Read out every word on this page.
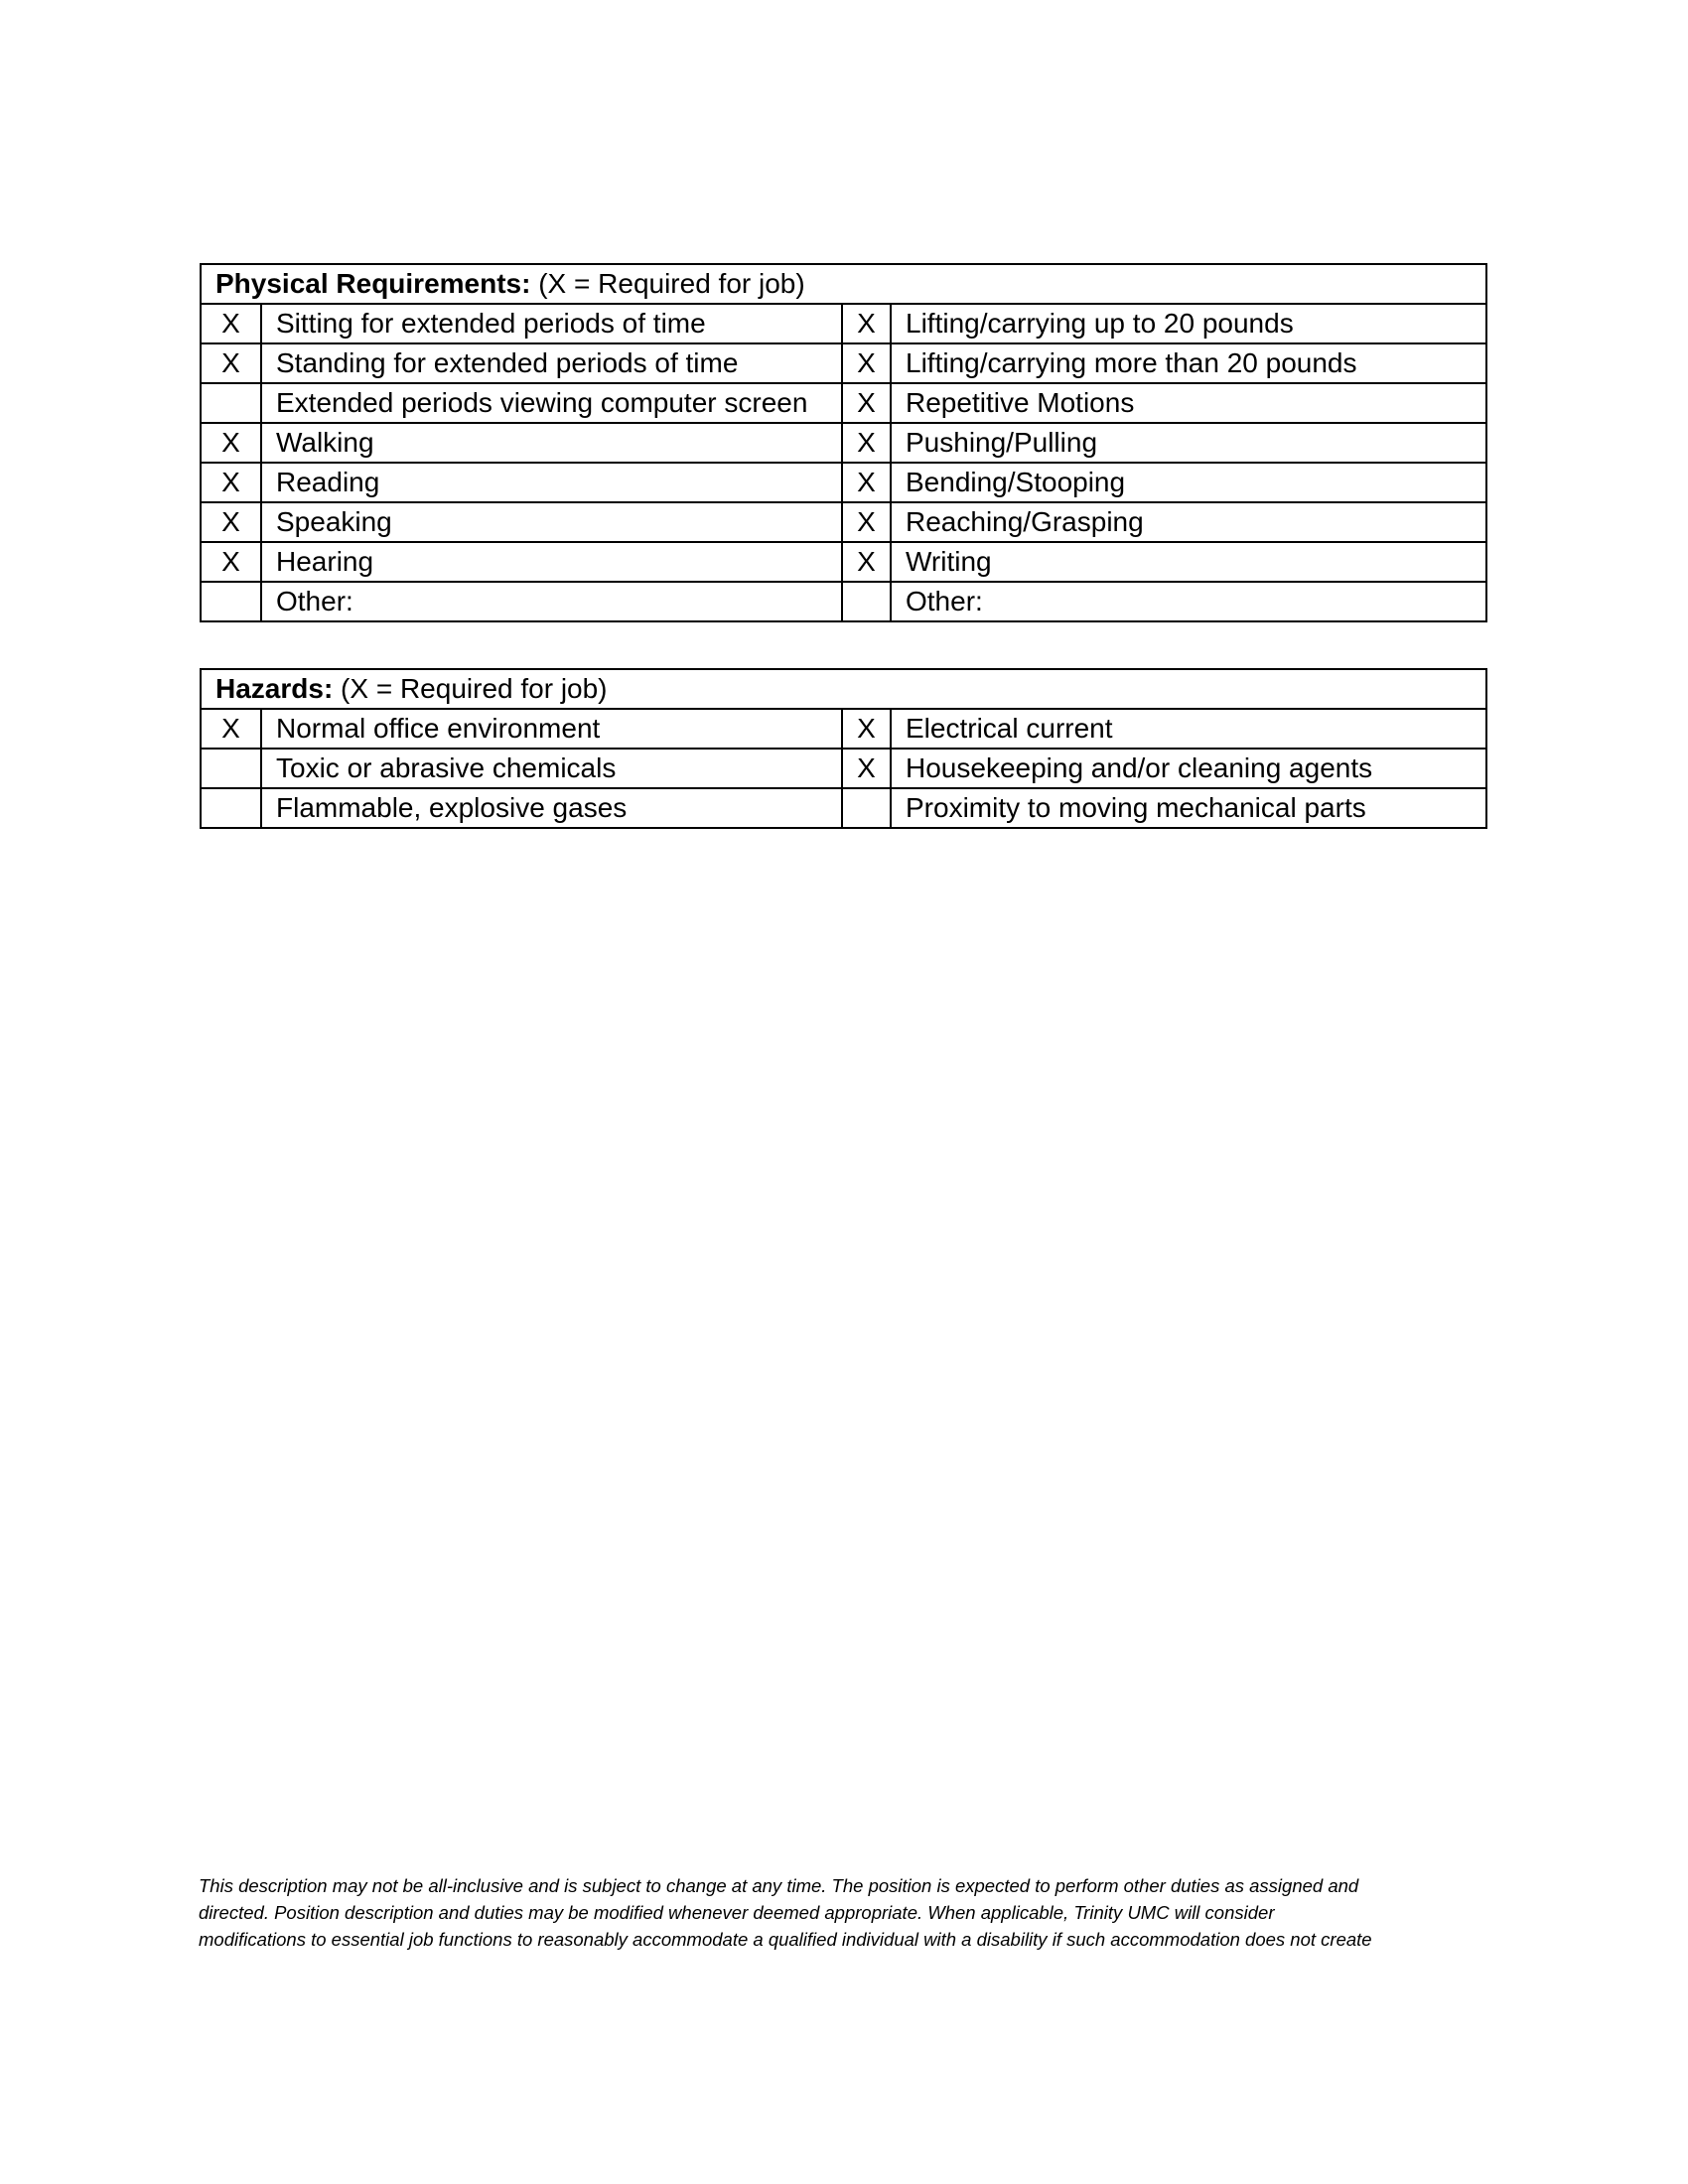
Physical Requirements: (X = Required for job)			
X	Sitting for extended periods of time	X	Lifting/carrying up to 20 pounds
X	Standing for extended periods of time	X	Lifting/carrying more than 20 pounds
	Extended periods viewing computer screen	X	Repetitive Motions
X	Walking	X	Pushing/Pulling
X	Reading	X	Bending/Stooping
X	Speaking	X	Reaching/Grasping
X	Hearing	X	Writing
	Other:		Other:
Hazards: (X = Required for job)			
X	Normal office environment	X	Electrical current
	Toxic or abrasive chemicals	X	Housekeeping and/or cleaning agents
	Flammable, explosive gases		Proximity to moving mechanical parts
This description may not be all-inclusive and is subject to change at any time. The position is expected to perform other duties as assigned and
directed. Position description and duties may be modified whenever deemed appropriate. When applicable, Trinity UMC will consider
modifications to essential job functions to reasonably accommodate a qualified individual with a disability if such accommodation does not create
